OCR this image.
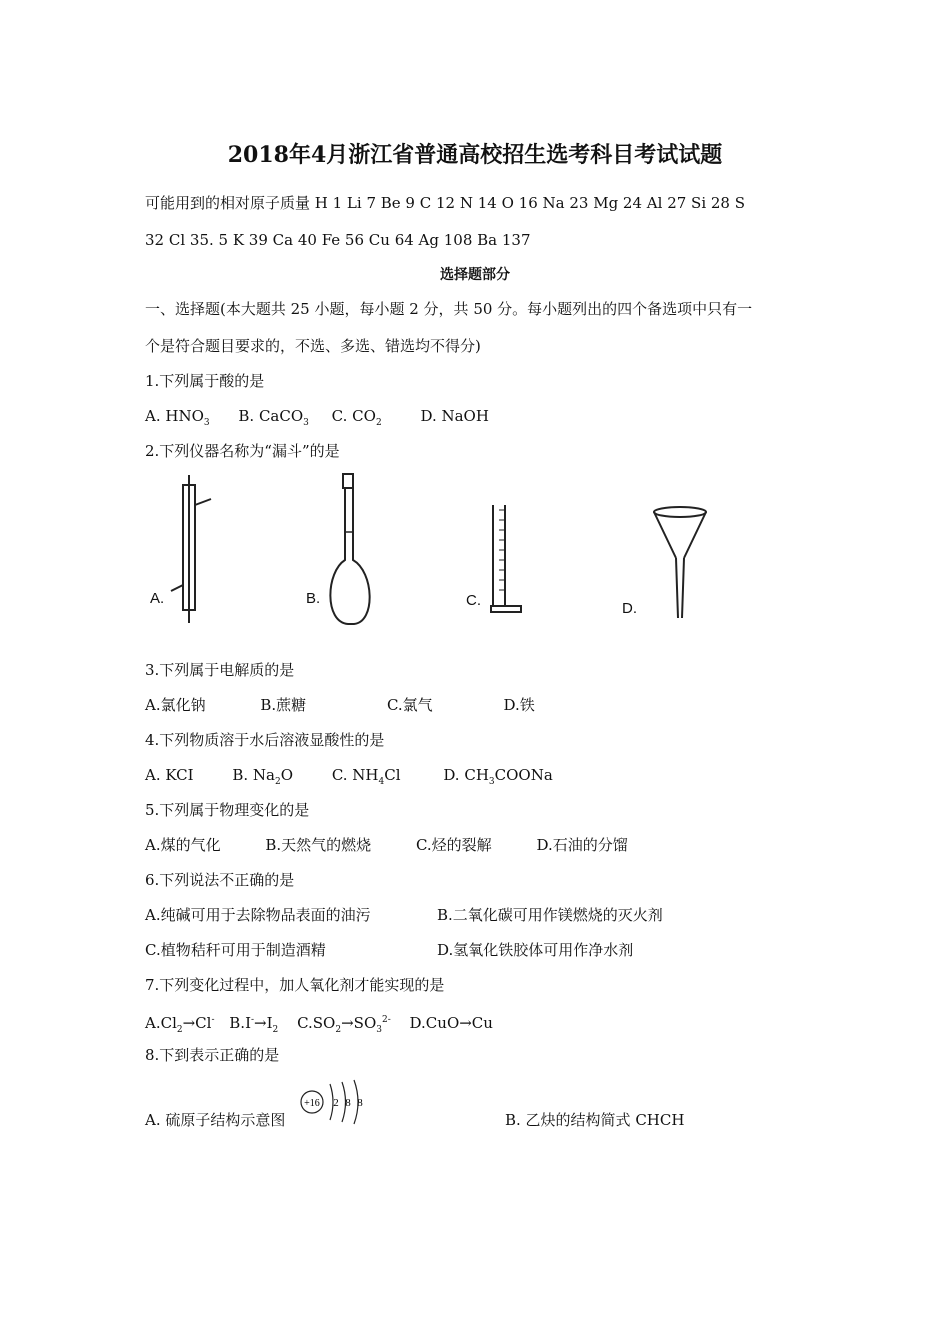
2018年4月浙江省普通高校招生选考科目考试试题
可能用到的相对原子质量 H 1 Li 7 Be 9 C 12 N 14 O 16 Na 23 Mg 24 Al 27 Si 28 S
32 Cl 35. 5 K 39 Ca 40 Fe 56 Cu 64 Ag 108 Ba 137
选择题部分
一、选择题(本大题共 25 小题，每小题 2 分，共 50 分。每小题列出的四个备选项中只有一
个是符合题目要求的，不选、多选、错选均不得分)
1.下列属于酸的是
A. $HNO_3$ B. CaCO$_3$ C. $CO_2$	D. NaOH
2.下列仪器名称为“漏斗”的是
A.	B.	C.	D.
3.下列属于电解质的是
A.氯化钠	B.蔗糖	C.氯气	D.铁
4.下列物质溶于水后溶液显酸性的是
A. KCI	B. $Na_2O$	C. $NH_4Cl$	D. $CH_3COONa$
5.下列属于物理变化的是
A.煤的气化	B.天然气的燃烧	C.烃的裂解	D.石油的分馏
6.下列说法不正确的是
A.纯碱可用于去除物品表面的油污	B.二氧化碳可用作镁燃烧的灭火剂
C.植物秸秆可用于制造酒精	D.氢氧化铁胶体可用作净水剂
7.下列变化过程中，加人氧化剂才能实现的是
$A.Cl_2\to Cl^-$ $B.I^-\to I_2$ $C.SO_2\to SO_3^{2-}$ D.CuO→Cu
8.下到表示正确的是
A. 硫原子结构示意图
+16 2 8 8
B. 乙炔的结构简式 CHCH
